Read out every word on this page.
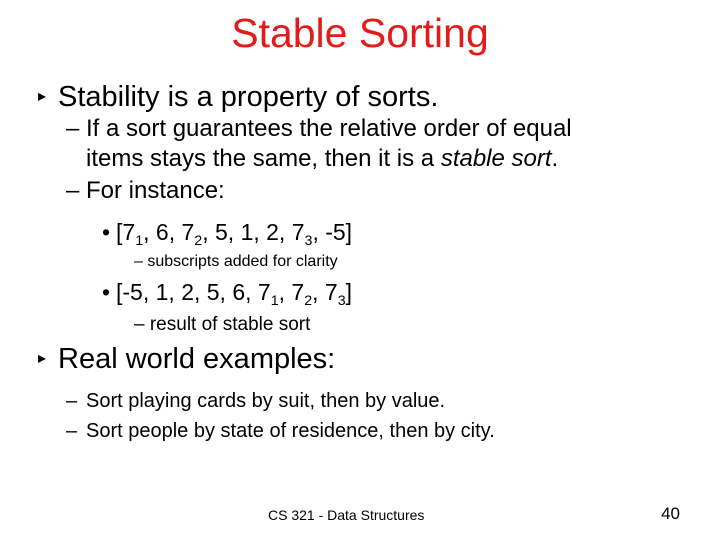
Stable Sorting
▸ Stability is a property of sorts.
– If a sort guarantees the relative order of equal
items stays the same, then it is a stable sort.
– For instance:
• [$7_1$, 6, $7_2$, 5, 1, 2, $7_3$, -5]
– subscripts added for clarity
• [-5, 1, 2, 5, 6, $7_1$, $7_2$, $7_3$]
– result of stable sort
▸ Real world examples:
– Sort playing cards by suit, then by value.
– Sort people by state of residence, then by city.
CS 321 - Data Structures	40
